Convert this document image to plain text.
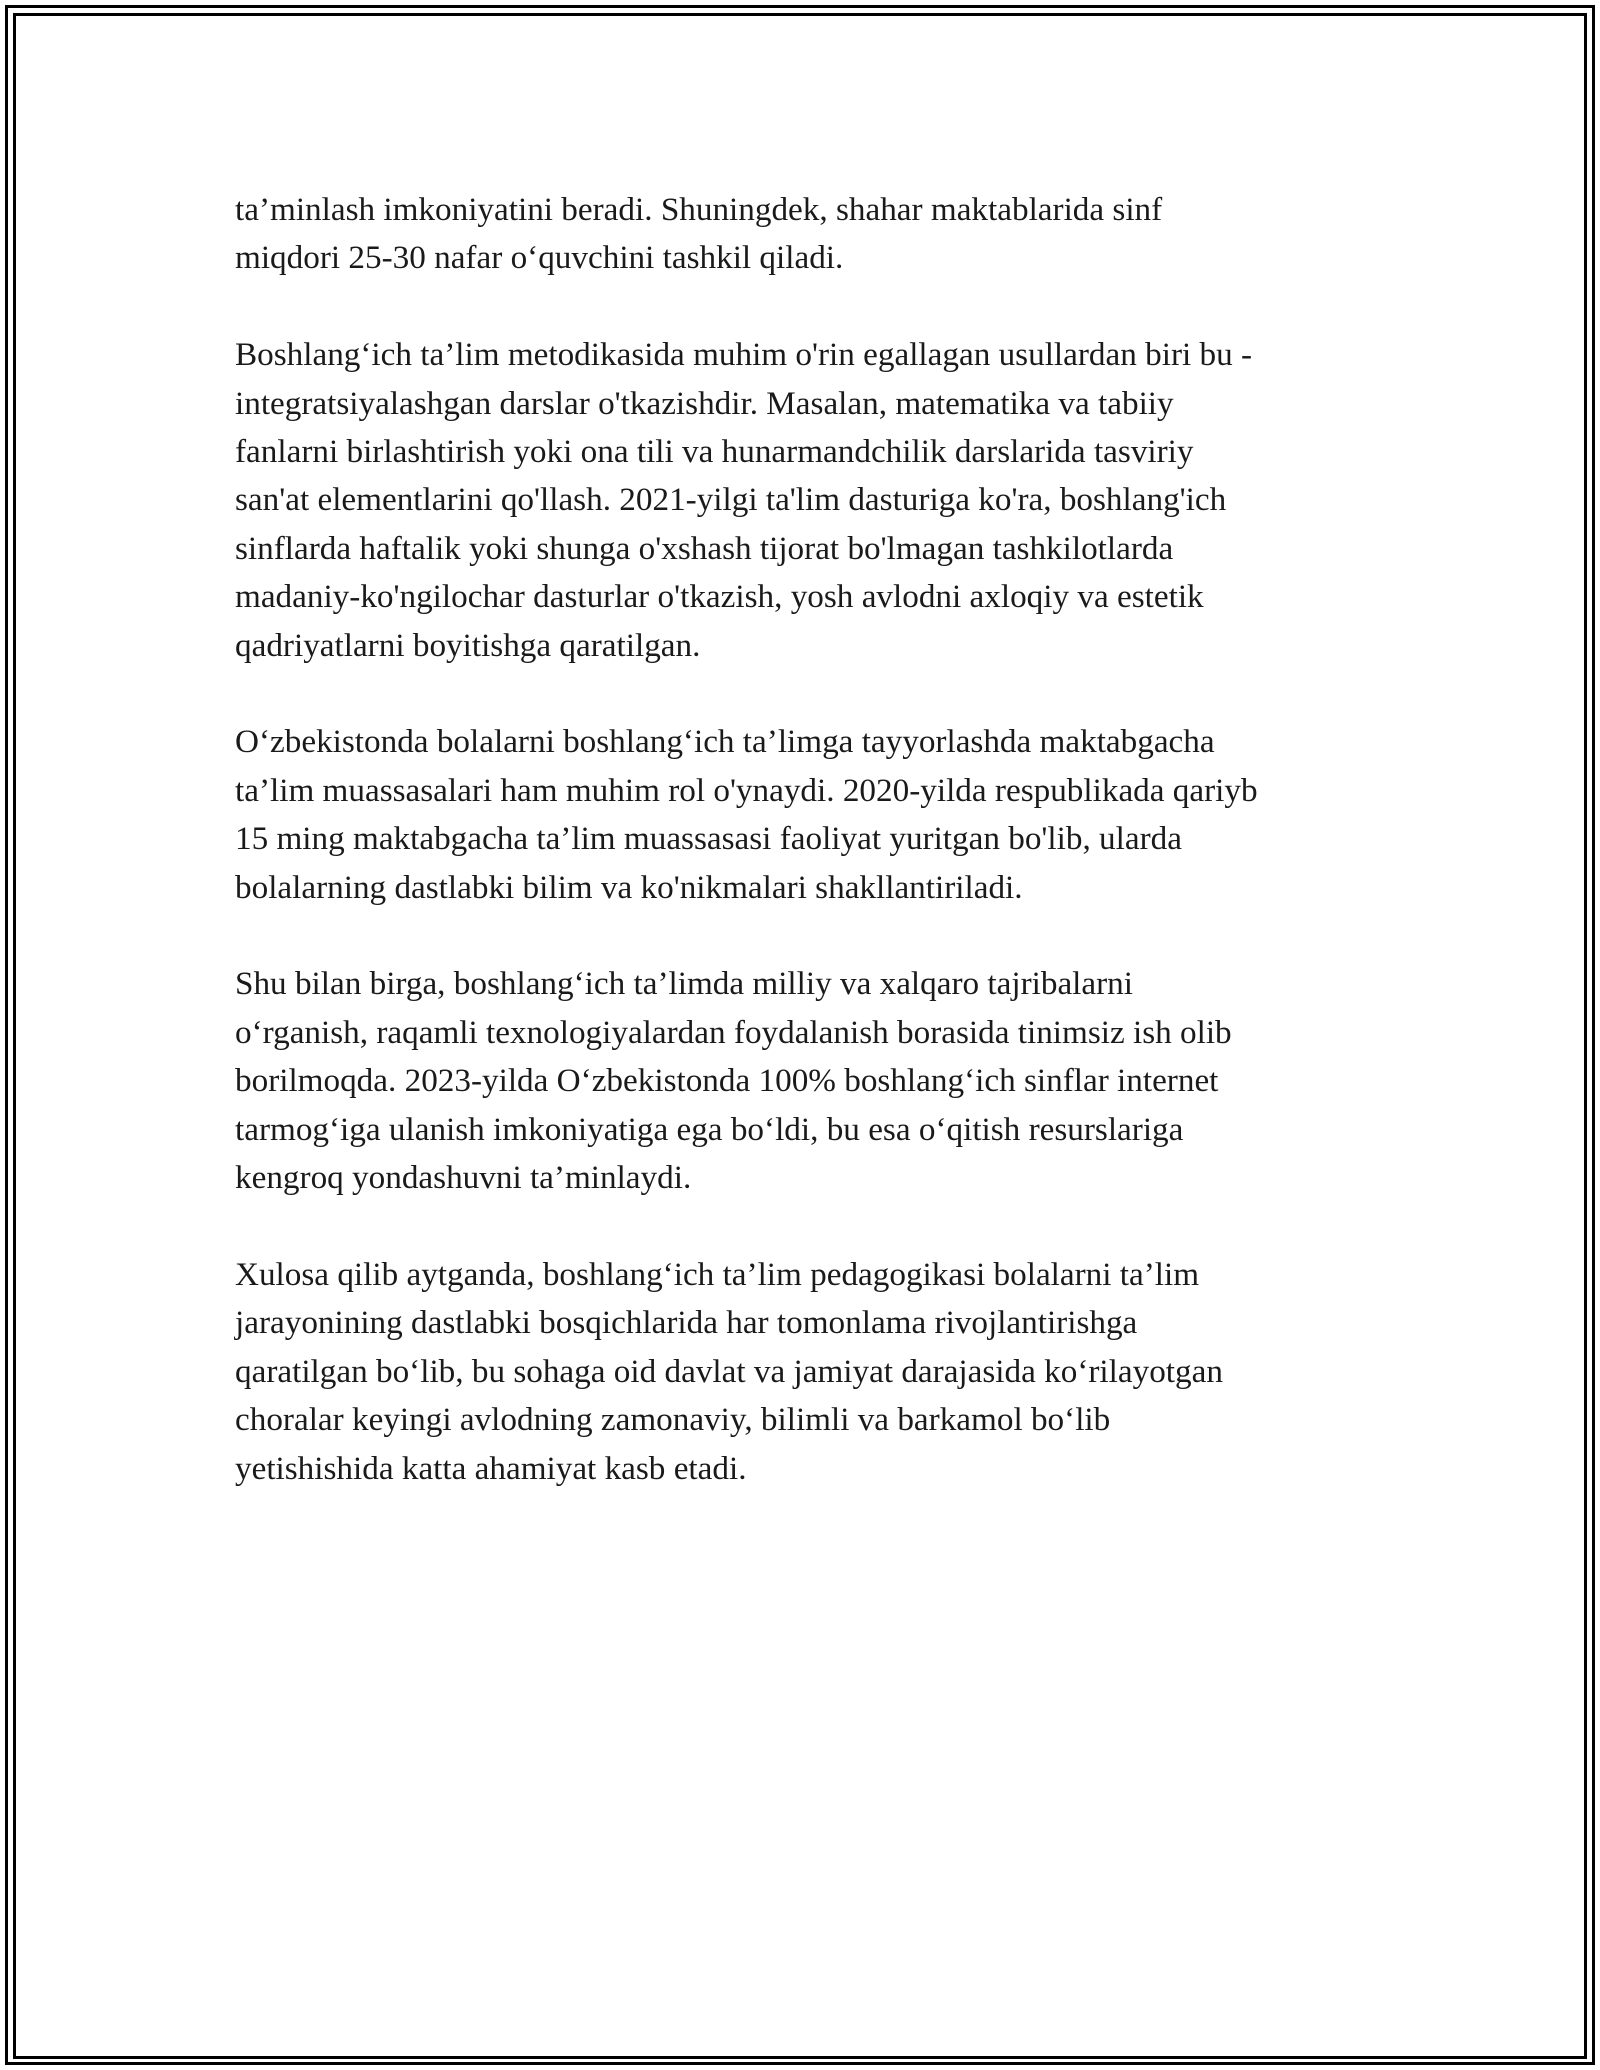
ta’minlash imkoniyatini beradi. Shuningdek, shahar maktablarida sinf
miqdori 25-30 nafar oʻquvchini tashkil qiladi.

Boshlangʻich ta’lim metodikasida muhim o'rin egallagan usullardan biri bu -
integratsiyalashgan darslar o'tkazishdir. Masalan, matematika va tabiiy
fanlarni birlashtirish yoki ona tili va hunarmandchilik darslarida tasviriy
san'at elementlarini qo'llash. 2021-yilgi ta'lim dasturiga ko'ra, boshlang'ich
sinflarda haftalik yoki shunga o'xshash tijorat bo'lmagan tashkilotlarda
madaniy-ko'ngilochar dasturlar o'tkazish, yosh avlodni axloqiy va estetik
qadriyatlarni boyitishga qaratilgan.

Oʻzbekistonda bolalarni boshlangʻich ta’limga tayyorlashda maktabgacha
ta’lim muassasalari ham muhim rol o'ynaydi. 2020-yilda respublikada qariyb
15 ming maktabgacha ta’lim muassasasi faoliyat yuritgan bo'lib, ularda
bolalarning dastlabki bilim va ko'nikmalari shakllantiriladi.

Shu bilan birga, boshlangʻich ta’limda milliy va xalqaro tajribalarni
oʻrganish, raqamli texnologiyalardan foydalanish borasida tinimsiz ish olib
borilmoqda. 2023-yilda Oʻzbekistonda 100% boshlangʻich sinflar internet
tarmogʻiga ulanish imkoniyatiga ega boʻldi, bu esa oʻqitish resurslariga
kengroq yondashuvni ta’minlaydi.

Xulosa qilib aytganda, boshlangʻich ta’lim pedagogikasi bolalarni ta’lim
jarayonining dastlabki bosqichlarida har tomonlama rivojlantirishga
qaratilgan boʻlib, bu sohaga oid davlat va jamiyat darajasida koʻrilayotgan
choralar keyingi avlodning zamonaviy, bilimli va barkamol boʻlib
yetishishida katta ahamiyat kasb etadi.
